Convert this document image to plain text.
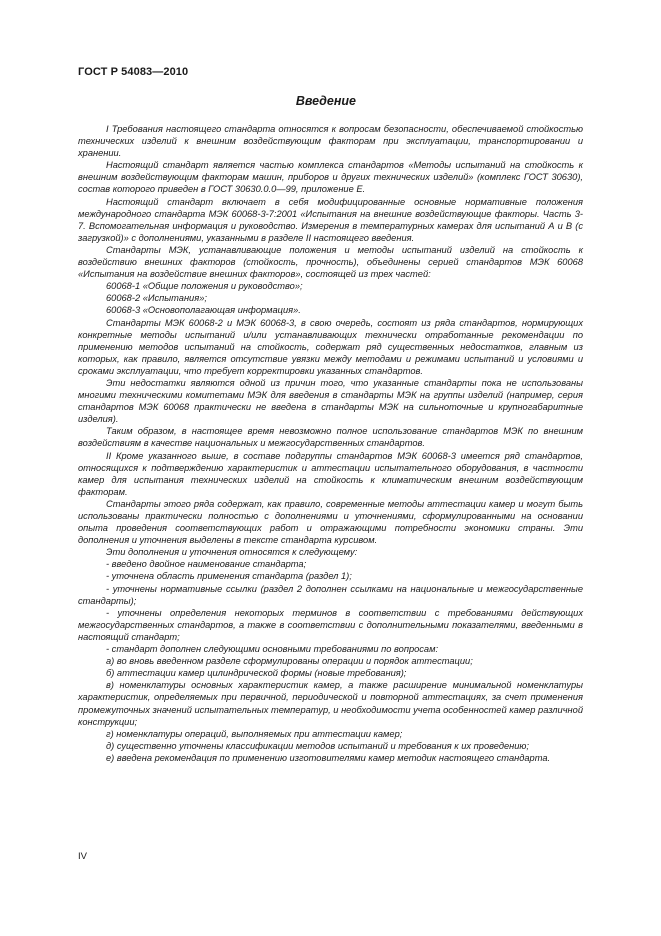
ГОСТ Р 54083—2010
Введение

I Требования настоящего стандарта относятся к вопросам безопасности, обеспечиваемой стойкостью технических изделий к внешним воздействующим факторам при эксплуатации, транспортировании и хранении.

Настоящий стандарт является частью комплекса стандартов «Методы испытаний на стойкость к внешним воздействующим факторам машин, приборов и других технических изделий» (комплекс ГОСТ 30630), состав которого приведен в ГОСТ 30630.0.0—99, приложение Е.

Настоящий стандарт включает в себя модифицированные основные нормативные положения международного стандарта МЭК 60068-3-7:2001 «Испытания на внешние воздействующие факторы. Часть 3-7. Вспомогательная информация и руководство. Измерения в температурных камерах для испытаний А и В (с загрузкой)» с дополнениями, указанными в разделе II настоящего введения.

Стандарты МЭК, устанавливающие положения и методы испытаний изделий на стойкость к воздействию внешних факторов (стойкость, прочность), объединены серией стандартов МЭК 60068 «Испытания на воздействие внешних факторов», состоящей из трех частей:

60068-1 «Общие положения и руководство»;

60068-2 «Испытания»;

60068-3 «Основополагающая информация».

Стандарты МЭК 60068-2 и МЭК 60068-3, в свою очередь, состоят из ряда стандартов, нормирующих конкретные методы испытаний и/или устанавливающих технически отработанные рекомендации по применению методов испытаний на стойкость, содержат ряд существенных недостатков, главным из которых, как правило, является отсутствие увязки между методами и режимами испытаний и условиями и сроками эксплуатации, что требует корректировки указанных стандартов.

Эти недостатки являются одной из причин того, что указанные стандарты пока не использованы многими техническими комитетами МЭК для введения в стандарты МЭК на группы изделий (например, серия стандартов МЭК 60068 практически не введена в стандарты МЭК на сильноточные и крупногабаритные изделия).

Таким образом, в настоящее время невозможно полное использование стандартов МЭК по внешним воздействиям в качестве национальных и межгосударственных стандартов.

II Кроме указанного выше, в составе подгруппы стандартов МЭК 60068-3 имеется ряд стандартов, относящихся к подтверждению характеристик и аттестации испытательного оборудования, в частности камер для испытания технических изделий на стойкость к климатическим внешним воздействующим факторам.

Стандарты этого ряда содержат, как правило, современные методы аттестации камер и могут быть использованы практически полностью с дополнениями и уточнениями, сформулированными на основании опыта проведения соответствующих работ и отражающими потребности экономики страны. Эти дополнения и уточнения выделены в тексте стандарта курсивом.

Эти дополнения и уточнения относятся к следующему:

- введено двойное наименование стандарта;

- уточнена область применения стандарта (раздел 1);

- уточнены нормативные ссылки (раздел 2 дополнен ссылками на национальные и межгосударственные стандарты);

- уточнены определения некоторых терминов в соответствии с требованиями действующих межгосударственных стандартов, а также в соответствии с дополнительными показателями, введенными в настоящий стандарт;

- стандарт дополнен следующими основными требованиями по вопросам:

а) во вновь введенном разделе сформулированы операции и порядок аттестации;

б) аттестации камер цилиндрической формы (новые требования);

в) номенклатуры основных характеристик камер, а также расширение минимальной номенклатуры характеристик, определяемых при первичной, периодической и повторной аттестациях, за счет применения промежуточных значений испытательных температур, и необходимости учета особенностей камер различной конструкции;

г) номенклатуры операций, выполняемых при аттестации камер;

д) существенно уточнены классификации методов испытаний и требования к их проведению;

е) введена рекомендация по применению изготовителями камер методик настоящего стандарта.

IV
